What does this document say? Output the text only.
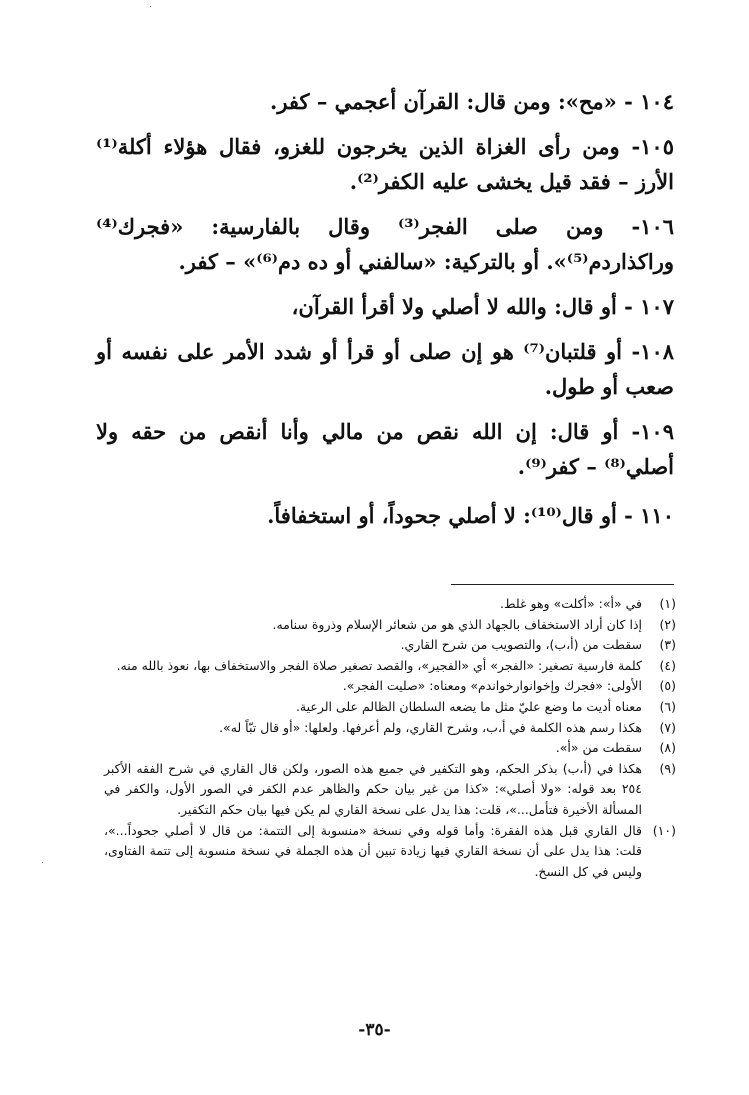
١٠٤ - «مح»: ومن قال: القرآن أعجمي – كفر.

١٠٥- ومن رأى الغزاة الذين يخرجون للغزو، فقال هؤلاء أكلة⁽¹⁾ الأرز – فقد قيل يخشى عليه الكفر⁽²⁾.

١٠٦- ومن صلى الفجر⁽³⁾ وقال بالفارسية: «فجرك⁽⁴⁾ وراكذاردم⁽⁵⁾». أو بالتركية: «سالفني أو ده دم⁽⁶⁾» – كفر.

١٠٧ - أو قال: والله لا أصلي ولا أقرأ القرآن،

١٠٨- أو قلتبان⁽⁷⁾ هو إن صلى أو قرأ أو شدد الأمر على نفسه أو صعب أو طول.

١٠٩- أو قال: إن الله نقص من مالي وأنا أنقص من حقه ولا أصلي⁽⁸⁾ – كفر⁽⁹⁾.

١١٠ - أو قال⁽¹⁰⁾: لا أصلي جحوداً، أو استخفافاً.

(١)
في «أ»: «أكلت» وهو غلط.
(٢)
إذا كان أراد الاستخفاف بالجهاد الذي هو من شعائر الإسلام وذروة سنامه.
(٣)
سقطت من (أ،ب)، والتصويب من شرح القاري.
(٤)
كلمة فارسية تصغير: «الفجر» أي «الفجير»، والقصد تصغير صلاة الفجر والاستخفاف بها، نعوذ بالله منه.
(٥)
الأولى: «فجرك وإخوانوارخواندم» ومعناه: «صليت الفجر».
(٦)
معناه أديت ما وضع عليّ مثل ما يضعه السلطان الظالم على الرعية.
(٧)
هكذا رسم هذه الكلمة في أ،ب، وشرح القاري، ولم أعرفها. ولعلها: «أو قال تبّاً له».
(٨)
سقطت من «أ».
(٩)
هكذا في (أ،ب) بذكر الحكم، وهو التكفير في جميع هذه الصور، ولكن قال القاري في شرح الفقه الأكبر ٢٥٤ بعد قوله: «ولا أصلي»: «كذا من غير بيان حكم والظاهر عدم الكفر في الصور الأول، والكفر في المسألة الأخيرة فتأمل...»، قلت: هذا يدل على نسخة القاري لم يكن فيها بيان حكم التكفير.
(١٠)
قال القاري قبل هذه الفقرة: وأما قوله وفي نسخة «منسوبة إلى التتمة: من قال لا أصلي جحوداً...»، قلت: هذا يدل على أن نسخة القاري فيها زيادة تبين أن هذه الجملة في نسخة منسوبة إلى تتمة الفتاوى، وليس في كل النسخ.
-٣٥-
